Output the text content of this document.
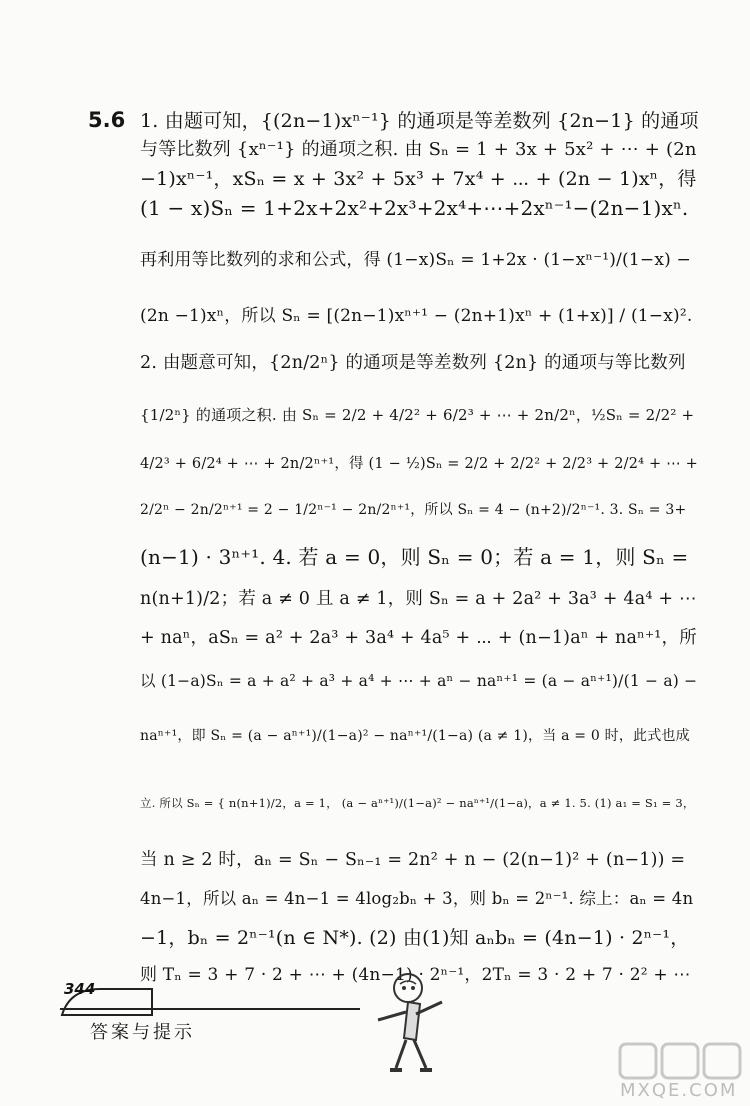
5.6 1. 由题可知，{(2n−1)xⁿ⁻¹} 的通项是等差数列 {2n−1} 的通项
与等比数列 {xⁿ⁻¹} 的通项之积. 由 Sₙ = 1 + 3x + 5x² + ⋯ + (2n
−1)xⁿ⁻¹，xSₙ = x + 3x² + 5x³ + 7x⁴ + ⋯ + (2n − 1)xⁿ，得
(1 − x)Sₙ = 1+2x+2x²+2x³+2x⁴+⋯+2xⁿ⁻¹−(2n−1)xⁿ.
再利用等比数列的求和公式，得 (1−x)Sₙ = 1+2x · (1−xⁿ⁻¹)/(1−x) −
(2n −1)xⁿ，所以 Sₙ = [(2n−1)xⁿ⁺¹ − (2n+1)xⁿ + (1+x)] / (1−x)².
2. 由题意可知，{2n/2ⁿ} 的通项是等差数列 {2n} 的通项与等比数列
{1/2ⁿ} 的通项之积. 由 Sₙ = 2/2 + 4/2² + 6/2³ + ⋯ + 2n/2ⁿ，½Sₙ = 2/2² +
4/2³ + 6/2⁴ + ⋯ + 2n/2ⁿ⁺¹，得 (1 − ½)Sₙ = 2/2 + 2/2² + 2/2³ + 2/2⁴ + ⋯ +
2/2ⁿ − 2n/2ⁿ⁺¹ = 2 − 1/2ⁿ⁻¹ − 2n/2ⁿ⁺¹，所以 Sₙ = 4 − (n+2)/2ⁿ⁻¹. 3. Sₙ = 3+
(n−1) · 3ⁿ⁺¹. 4. 若 a = 0，则 Sₙ = 0；若 a = 1，则 Sₙ =
n(n+1)/2；若 a ≠ 0 且 a ≠ 1，则 Sₙ = a + 2a² + 3a³ + 4a⁴ + ⋯
+ naⁿ，aSₙ = a² + 2a³ + 3a⁴ + 4a⁵ + ⋯ + (n−1)aⁿ + naⁿ⁺¹，所
以 (1−a)Sₙ = a + a² + a³ + a⁴ + ⋯ + aⁿ − naⁿ⁺¹ = (a − aⁿ⁺¹)/(1 − a) −
naⁿ⁺¹，即 Sₙ = (a − aⁿ⁺¹)/(1−a)² − naⁿ⁺¹/(1−a) (a ≠ 1)，当 a = 0 时，此式也成
立. 所以 Sₙ = { n(n+1)/2，a = 1， (a − aⁿ⁺¹)/(1−a)² − naⁿ⁺¹/(1−a)，a ≠ 1. 5. (1) a₁ = S₁ = 3，
当 n ≥ 2 时，aₙ = Sₙ − Sₙ₋₁ = 2n² + n − (2(n−1)² + (n−1)) =
4n−1，所以 aₙ = 4n−1 = 4log₂bₙ + 3，则 bₙ = 2ⁿ⁻¹. 综上：aₙ = 4n
−1，bₙ = 2ⁿ⁻¹(n ∈ N*). (2) 由(1)知 aₙbₙ = (4n−1) · 2ⁿ⁻¹，
则 Tₙ = 3 + 7 · 2 + ⋯ + (4n−1) · 2ⁿ⁻¹，2Tₙ = 3 · 2 + 7 · 2² + ⋯
344
答案与提示
MXQE.COM
